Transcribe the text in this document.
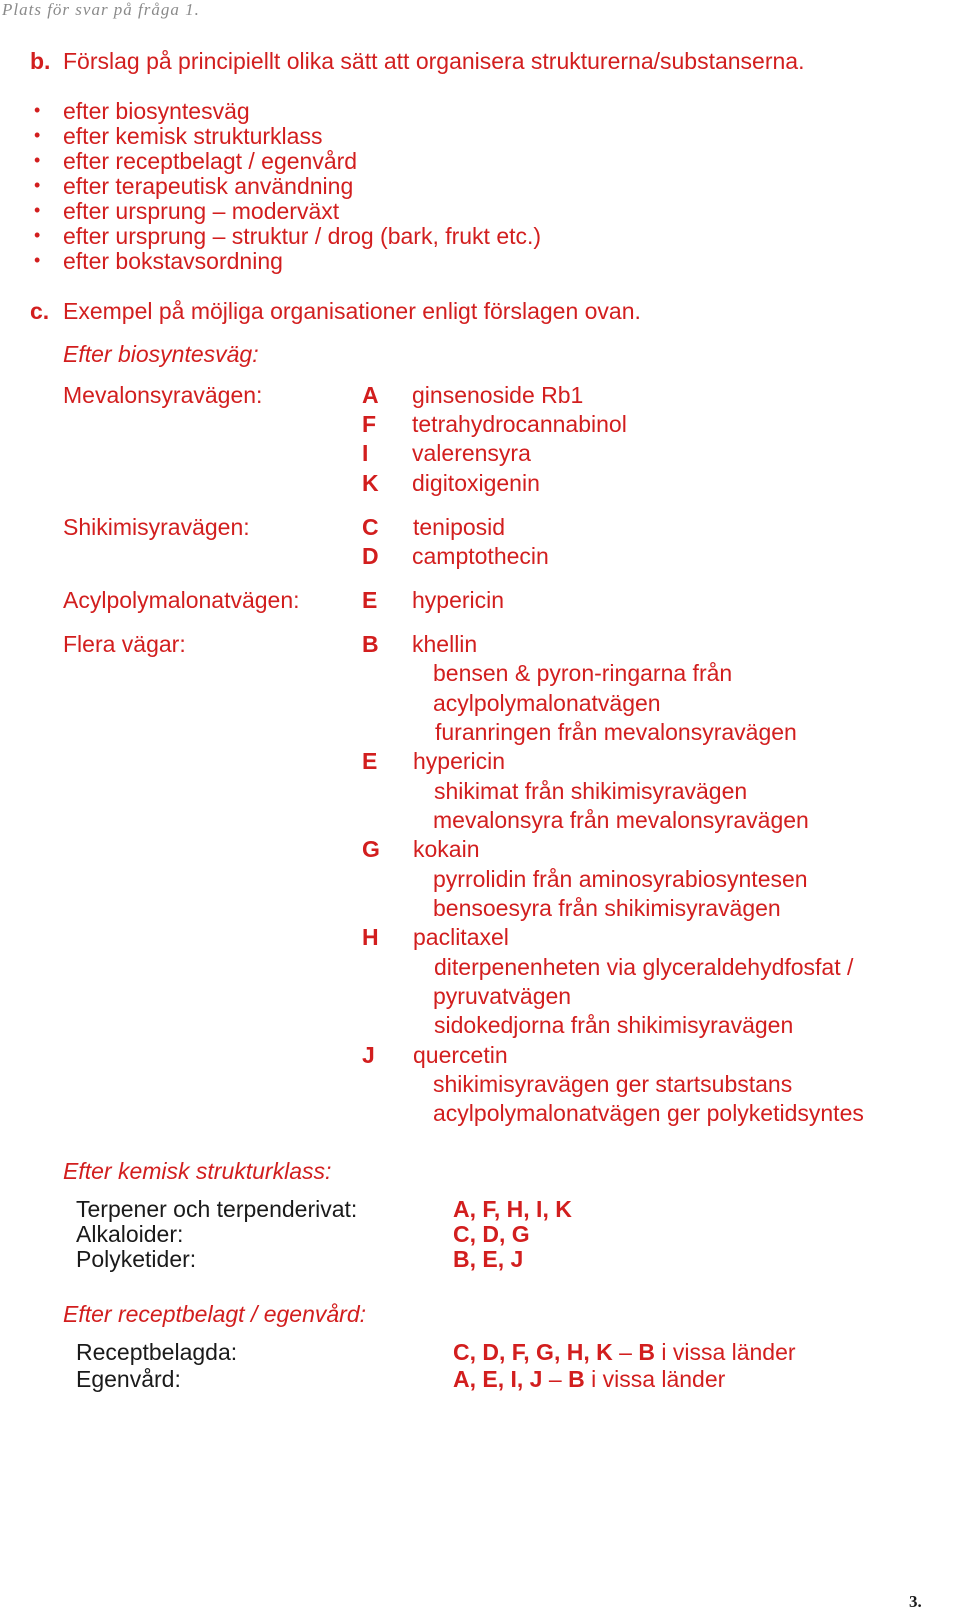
Plats för svar på fråga 1.
b. Förslag på principiellt olika sätt att organisera strukturerna/substanserna.
• efter biosyntesväg
• efter kemisk strukturklass
• efter receptbelagt / egenvård
• efter terapeutisk användning
• efter ursprung – moderväxt
• efter ursprung – struktur / drog (bark, frukt etc.)
• efter bokstavsordning
c. Exempel på möjliga organisationer enligt förslagen ovan.
Efter biosyntesväg:
Mevalonsyravägen:	A ginsenoside Rb1
F tetrahydrocannabinol
I valerensyra
K digitoxigenin
Shikimisyravägen:	C teniposid
D camptothecin
Acylpolymalonatvägen:	E hypericin
Flera vägar:	B khellin
bensen & pyron-ringarna från
acylpolymalonatvägen
furanringen från mevalonsyravägen
E hypericin
shikimat från shikimisyravägen
mevalonsyra från mevalonsyravägen
G kokain
pyrrolidin från aminosyrabiosyntesen
bensoesyra från shikimisyravägen
H paclitaxel
diterpenenheten via glyceraldehydfosfat /
pyruvatvägen
sidokedjorna från shikimisyravägen
J quercetin
shikimisyravägen ger startsubstans
acylpolymalonatvägen ger polyketidsyntes
Efter kemisk strukturklass:
Terpener och terpenderivat:	A, F, H, I, K
Alkaloider:	C, D, G
Polyketider:	B, E, J
Efter receptbelagt / egenvård:
Receptbelagda:	C, D, F, G, H, K – B i vissa länder
Egenvård:	A, E, I, J – B i vissa länder
3.
